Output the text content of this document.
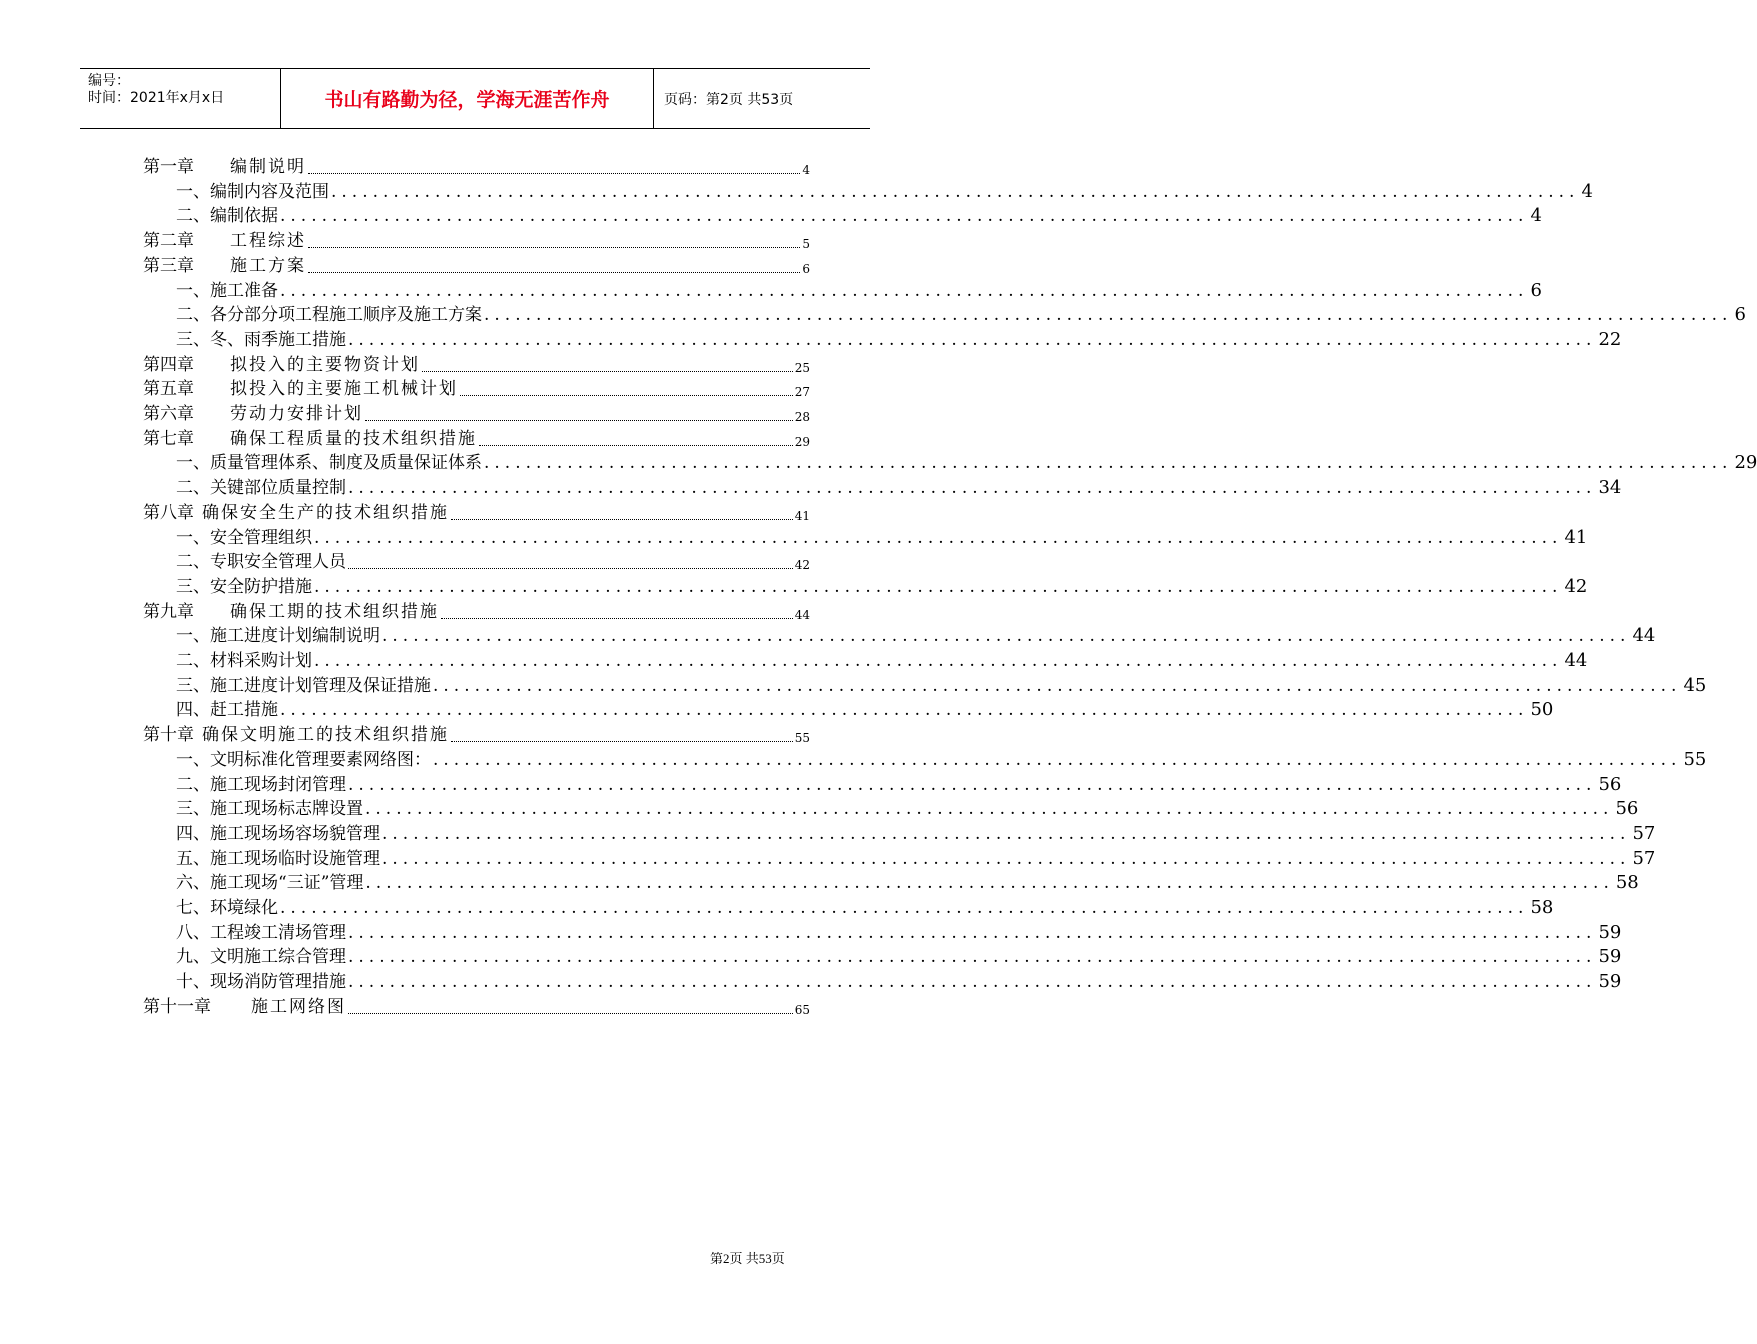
编号：
时间：2021年x月x日	书山有路勤为径，学海无涯苦作舟	页码：第2页 共53页
第一章 编制说明	4
一、 编制内容及范围 ........................................................................................................................ 4
二、 编制依据 ........................................................................................................................ 4
第二章 工程综述	5
第三章 施工方案	6
一、 施工准备 ........................................................................................................................ 6
二、 各分部分项工程施工顺序及施工方案 ........................................................................................................................ 6
三、 冬、雨季施工措施 ........................................................................................................................ 22
第四章 拟投入的主要物资计划	25
第五章 拟投入的主要施工机械计划	27
第六章 劳动力安排计划	28
第七章 确保工程质量的技术组织措施	29
一、 质量管理体系、制度及质量保证体系 ........................................................................................................................ 29
二、 关键部位质量控制 ........................................................................................................................ 34
第八章 确保安全生产的技术组织措施	41
一、 安全管理组织 ........................................................................................................................ 41
二、 专职安全管理人员	42
三、 安全防护措施 ........................................................................................................................ 42
第九章 确保工期的技术组织措施	44
一、 施工进度计划编制说明 ........................................................................................................................ 44
二、 材料采购计划 ........................................................................................................................ 44
三、 施工进度计划管理及保证措施 ........................................................................................................................ 45
四、 赶工措施 ........................................................................................................................ 50
第十章 确保文明施工的技术组织措施	55
一、 文明标准化管理要素网络图： ........................................................................................................................ 55
二、 施工现场封闭管理 ........................................................................................................................ 56
三、 施工现场标志牌设置 ........................................................................................................................ 56
四、 施工现场场容场貌管理 ........................................................................................................................ 57
五、 施工现场临时设施管理 ........................................................................................................................ 57
六、 施工现场“三证”管理 ........................................................................................................................ 58
七、 环境绿化 ........................................................................................................................ 58
八、 工程竣工清场管理 ........................................................................................................................ 59
九、 文明施工综合管理 ........................................................................................................................ 59
十、 现场消防管理措施 ........................................................................................................................ 59
第十一章 施工网络图	65
第2页 共53页
